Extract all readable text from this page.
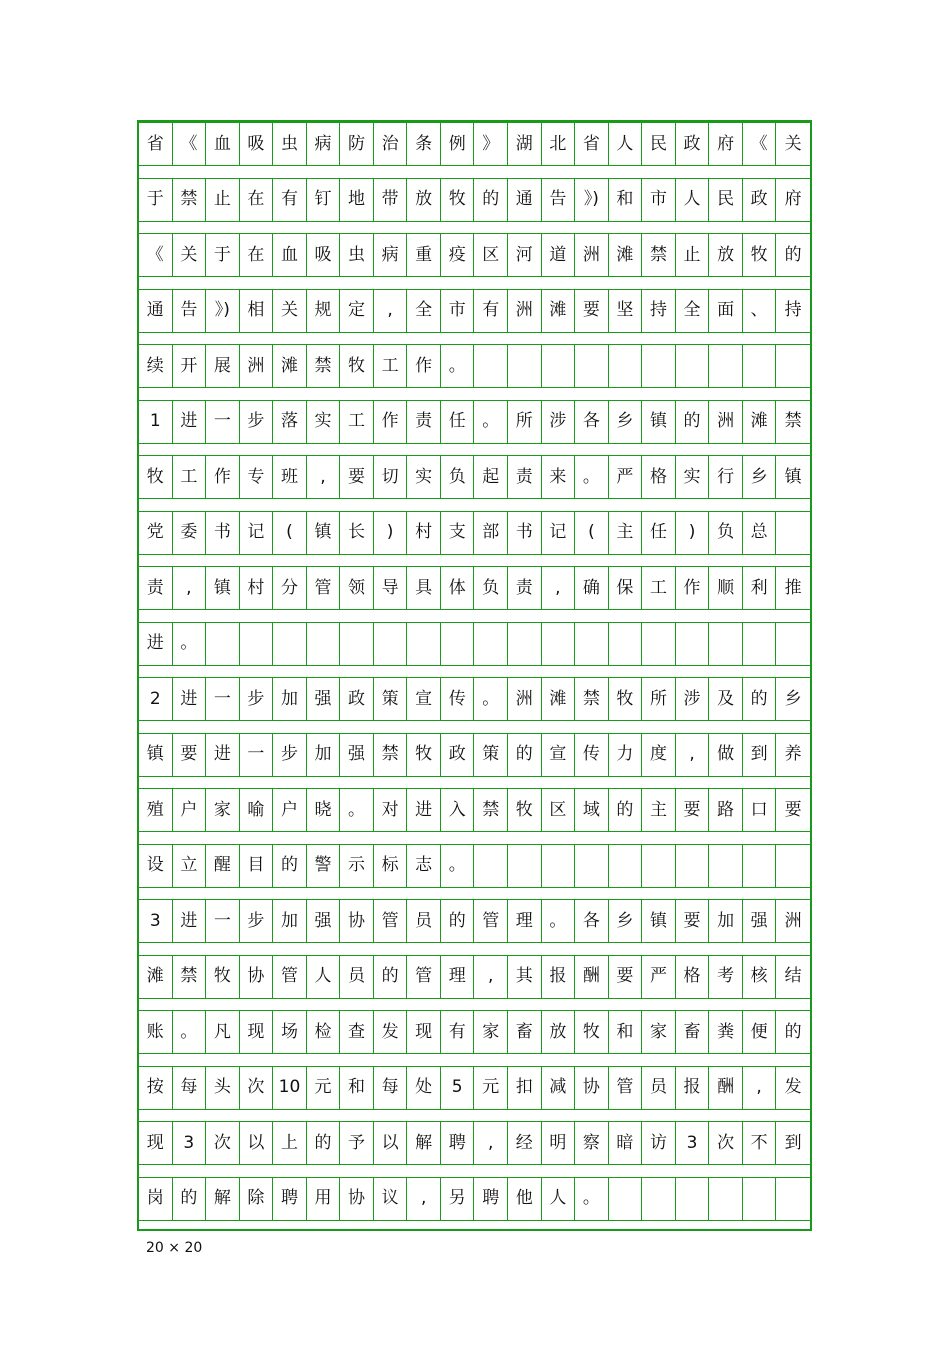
省 《 血 吸 虫 病 防 治 条 例 》 湖 北 省 人 民 政 府 《	关
于 禁 止 在 有 钉 地 带 放 牧 的 通 告	》)	和 市 人 民 政	府
《 关 于 在 血 吸 虫 病 重 疫 区 河 道 洲 滩 禁 止 放 牧	的
通 告	》)	相 关 规 定	,	全 市 有 洲 滩 要 坚 持 全 面 、	持
续 开 展 洲 滩 禁 牧 工 作 。
1	进 一 步 落 实 工 作 责 任 。 所 涉 各 乡 镇 的 洲 滩	禁
牧 工 作 专 班	,	要 切 实 负 起 责 来 。 严 格 实 行 乡	镇
党 委 书 记	(	镇 长	)	村 支 部 书 记	(	主 任	)	负 总
责	,	镇 村 分 管 领 导 具 体 负 责	,	确 保 工 作 顺 利	推
进 。
2	进 一 步 加 强 政 策 宣 传 。 洲 滩 禁 牧 所 涉 及 的	乡
镇 要 进 一 步 加 强 禁 牧 政 策 的 宣 传 力 度	,	做 到	养
殖 户 家 喻 户 晓 。 对 进 入 禁 牧 区 域 的 主 要 路 口	要
设 立 醒 目 的 警 示 标 志 。
3	进 一 步 加 强 协 管 员 的 管 理 。 各 乡 镇 要 加 强	洲
滩 禁 牧 协 管 人 员 的 管 理	,	其 报 酬 要 严 格 考 核	结
账 。 凡 现 场 检 查 发 现 有 家 畜 放 牧 和 家 畜 粪 便	的
按 每 头 次 10 元 和 每 处	5	元 扣 减 协 管 员 报 酬	,	发
现	3	次 以 上 的 予 以 解 聘	,	经 明 察 暗 访	3	次 不	到
岗 的 解 除 聘 用 协 议	,	另 聘 他 人 。
20 × 20
